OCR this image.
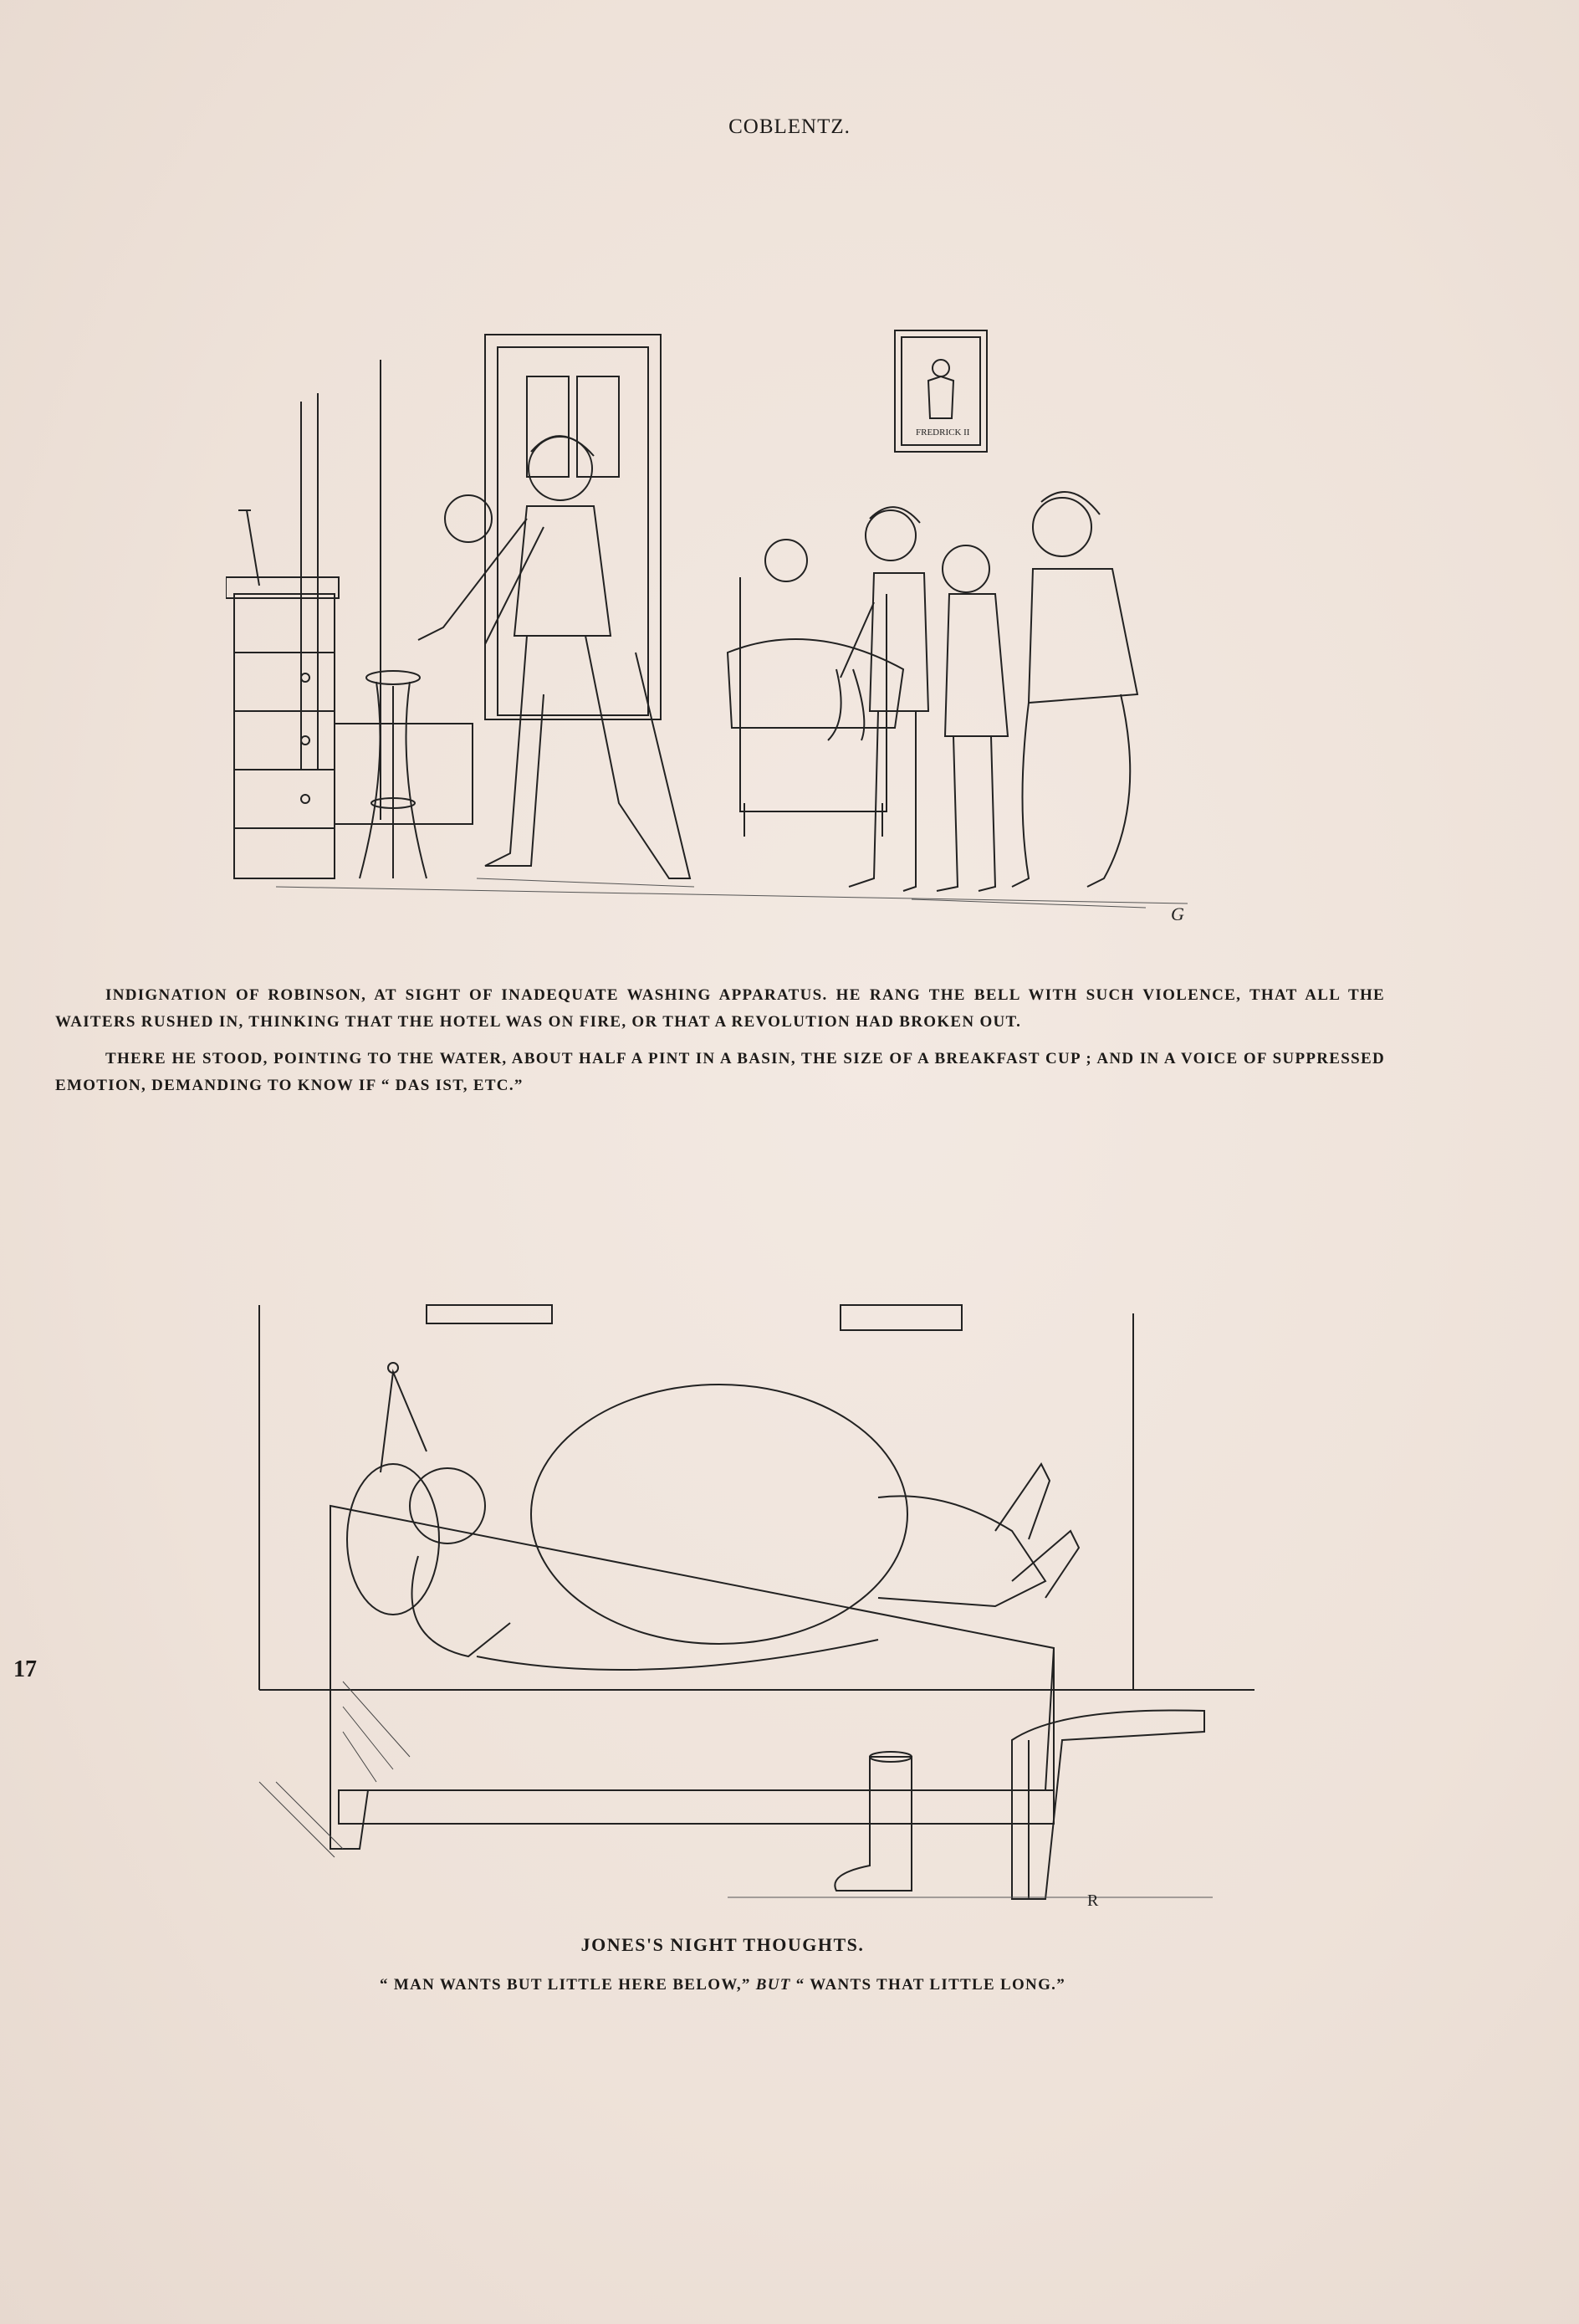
COBLENTZ.
FREDRICK II
G

INDIGNATION OF ROBINSON, AT SIGHT OF INADEQUATE WASHING APPARATUS. HE RANG THE BELL WITH SUCH VIOLENCE, THAT ALL THE WAITERS RUSHED IN, THINKING THAT THE HOTEL WAS ON FIRE, OR THAT A REVOLUTION HAD BROKEN OUT.

THERE HE STOOD, POINTING TO THE WATER, ABOUT HALF A PINT IN A BASIN, THE SIZE OF A BREAKFAST CUP ; AND IN A VOICE OF SUPPRESSED EMOTION, DEMANDING TO KNOW IF “ DAS IST, ETC.”

R
JONES'S NIGHT THOUGHTS.
“ MAN WANTS BUT LITTLE HERE BELOW,” BUT “ WANTS THAT LITTLE LONG.”
17
